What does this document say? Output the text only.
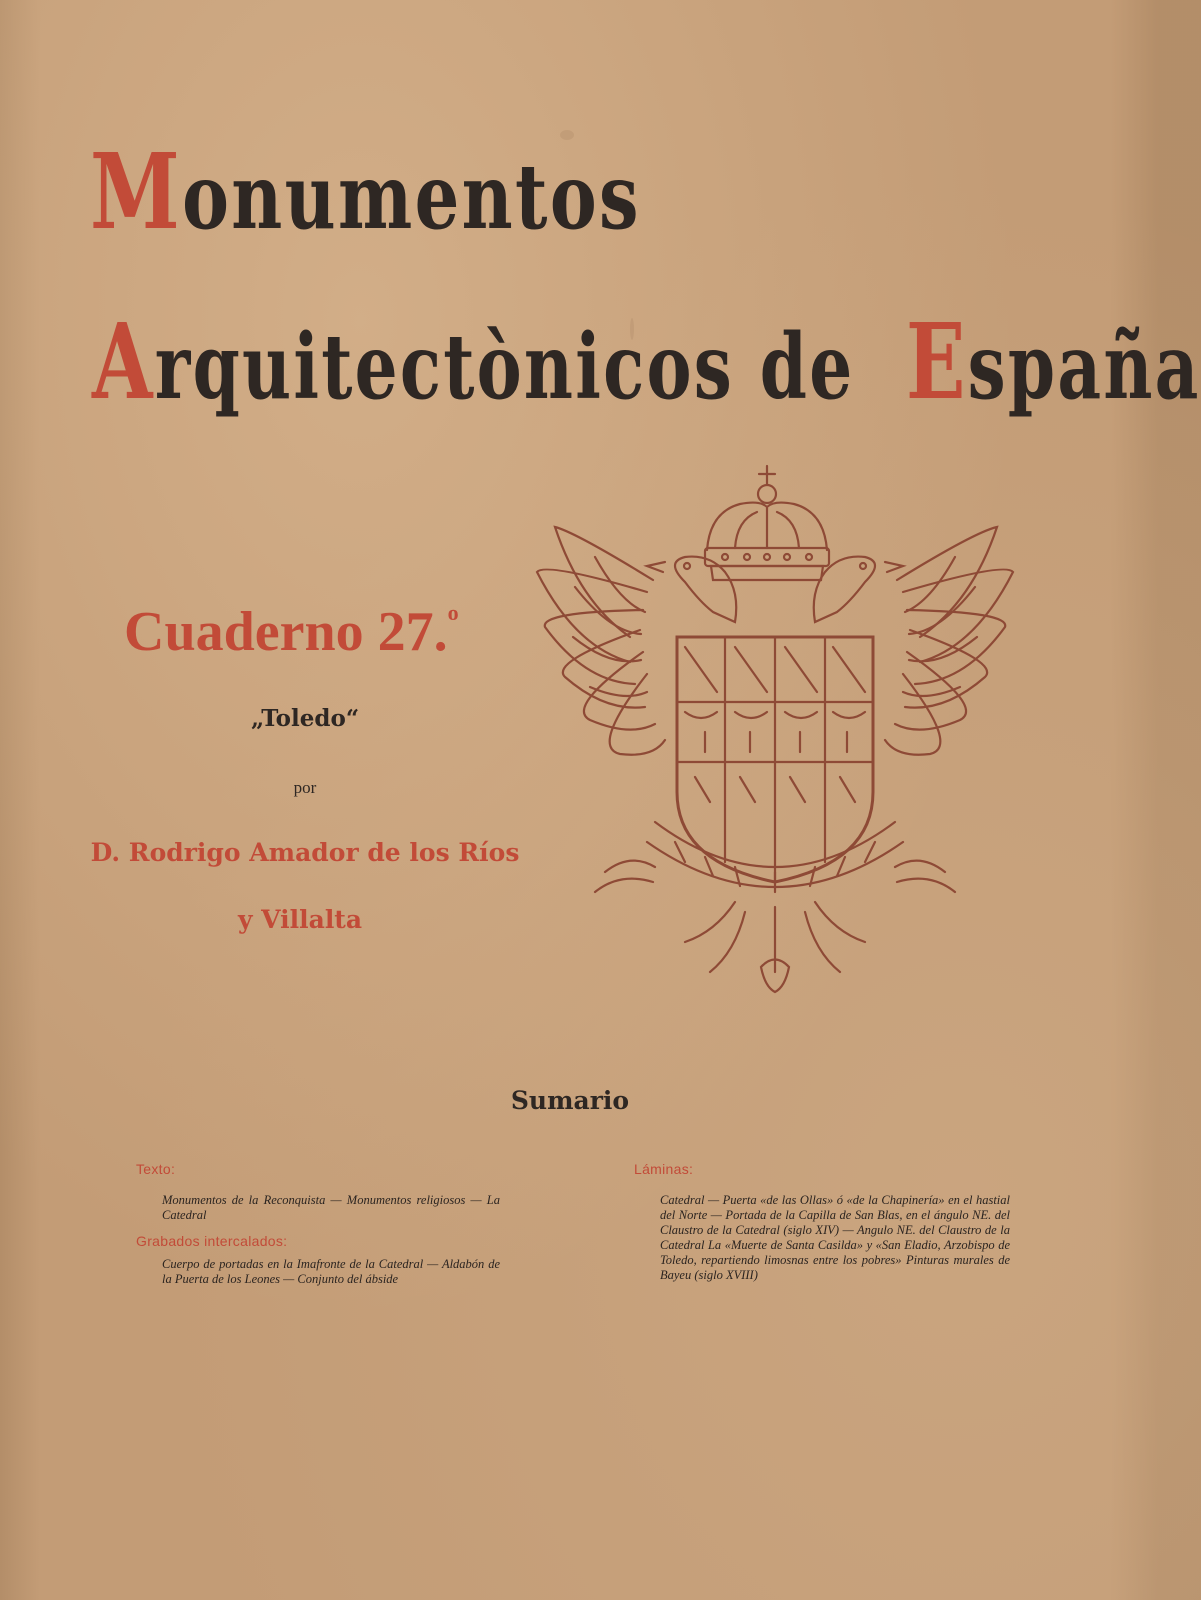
Monumentos
Arquitectònicos de España
Cuaderno 27.$^o$
„Toledo“
por
D. Rodrigo Amador de los Ríos
y Villalta
Sumario
Texto:
Monumentos de la Reconquista — Monumentos religiosos — La Catedral
Grabados intercalados:
Cuerpo de portadas en la Imafronte de la Catedral — Aldabón de la Puerta de los Leones — Conjunto del ábside
Láminas:
Catedral — Puerta «de las Ollas» ó «de la Chapinería» en el hastial del Norte — Portada de la Capilla de San Blas, en el ángulo NE. del Claustro de la Catedral (siglo XIV) — Angulo NE. del Claustro de la Catedral La «Muerte de Santa Casilda» y «San Eladio, Arzobispo de Toledo, repartiendo limosnas entre los pobres» Pinturas murales de Bayeu (siglo XVIII)
